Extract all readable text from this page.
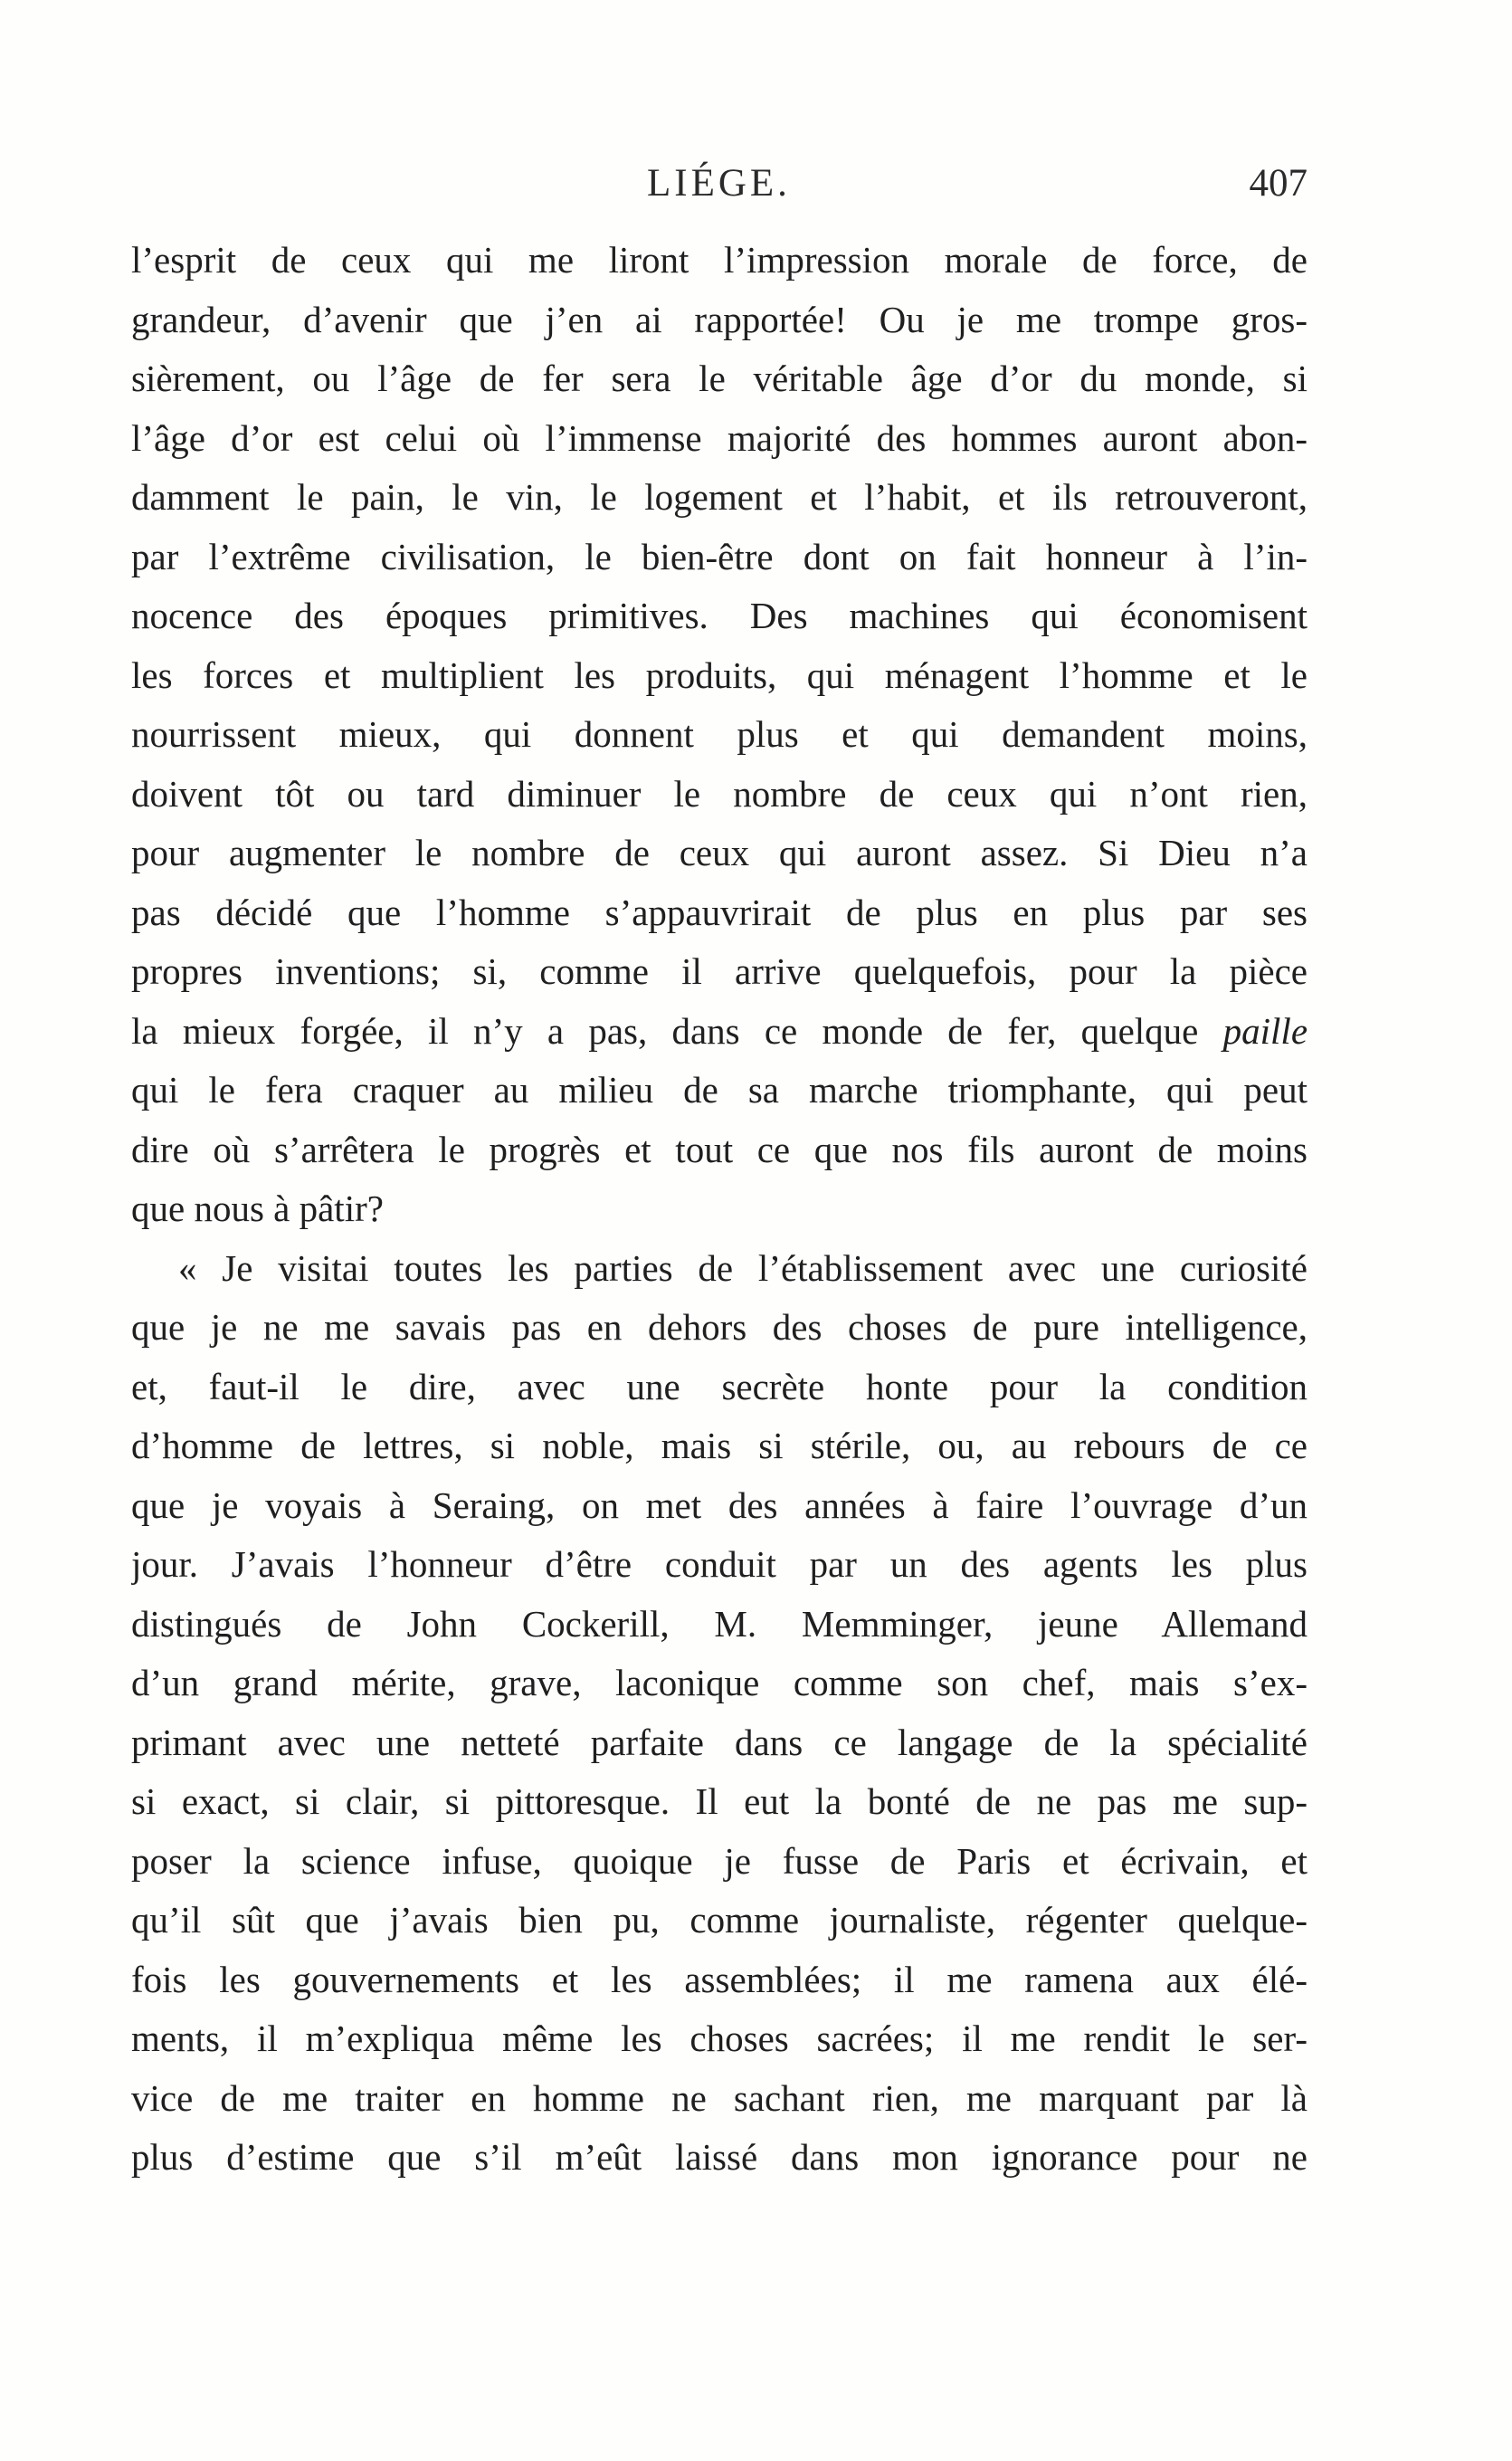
LIÉGE.	407
l’esprit de ceux qui me liront l’impression morale de force, de
grandeur, d’avenir que j’en ai rapportée! Ou je me trompe gros-
sièrement, ou l’âge de fer sera le véritable âge d’or du monde, si
l’âge d’or est celui où l’immense majorité des hommes auront abon-
damment le pain, le vin, le logement et l’habit, et ils retrouveront,
par l’extrême civilisation, le bien-être dont on fait honneur à l’in-
nocence des époques primitives. Des machines qui économisent
les forces et multiplient les produits, qui ménagent l’homme et le
nourrissent mieux, qui donnent plus et qui demandent moins,
doivent tôt ou tard diminuer le nombre de ceux qui n’ont rien,
pour augmenter le nombre de ceux qui auront assez. Si Dieu n’a
pas décidé que l’homme s’appauvrirait de plus en plus par ses
propres inventions; si, comme il arrive quelquefois, pour la pièce
la mieux forgée, il n’y a pas, dans ce monde de fer, quelque paille
qui le fera craquer au milieu de sa marche triomphante, qui peut
dire où s’arrêtera le progrès et tout ce que nos fils auront de moins
que nous à pâtir?
« Je visitai toutes les parties de l’établissement avec une curiosité
que je ne me savais pas en dehors des choses de pure intelligence,
et, faut-il le dire, avec une secrète honte pour la condition
d’homme de lettres, si noble, mais si stérile, ou, au rebours de ce
que je voyais à Seraing, on met des années à faire l’ouvrage d’un
jour. J’avais l’honneur d’être conduit par un des agents les plus
distingués de John Cockerill, M. Memminger, jeune Allemand
d’un grand mérite, grave, laconique comme son chef, mais s’ex-
primant avec une netteté parfaite dans ce langage de la spécialité
si exact, si clair, si pittoresque. Il eut la bonté de ne pas me sup-
poser la science infuse, quoique je fusse de Paris et écrivain, et
qu’il sût que j’avais bien pu, comme journaliste, régenter quelque-
fois les gouvernements et les assemblées; il me ramena aux élé-
ments, il m’expliqua même les choses sacrées; il me rendit le ser-
vice de me traiter en homme ne sachant rien, me marquant par là
plus d’estime que s’il m’eût laissé dans mon ignorance pour ne
